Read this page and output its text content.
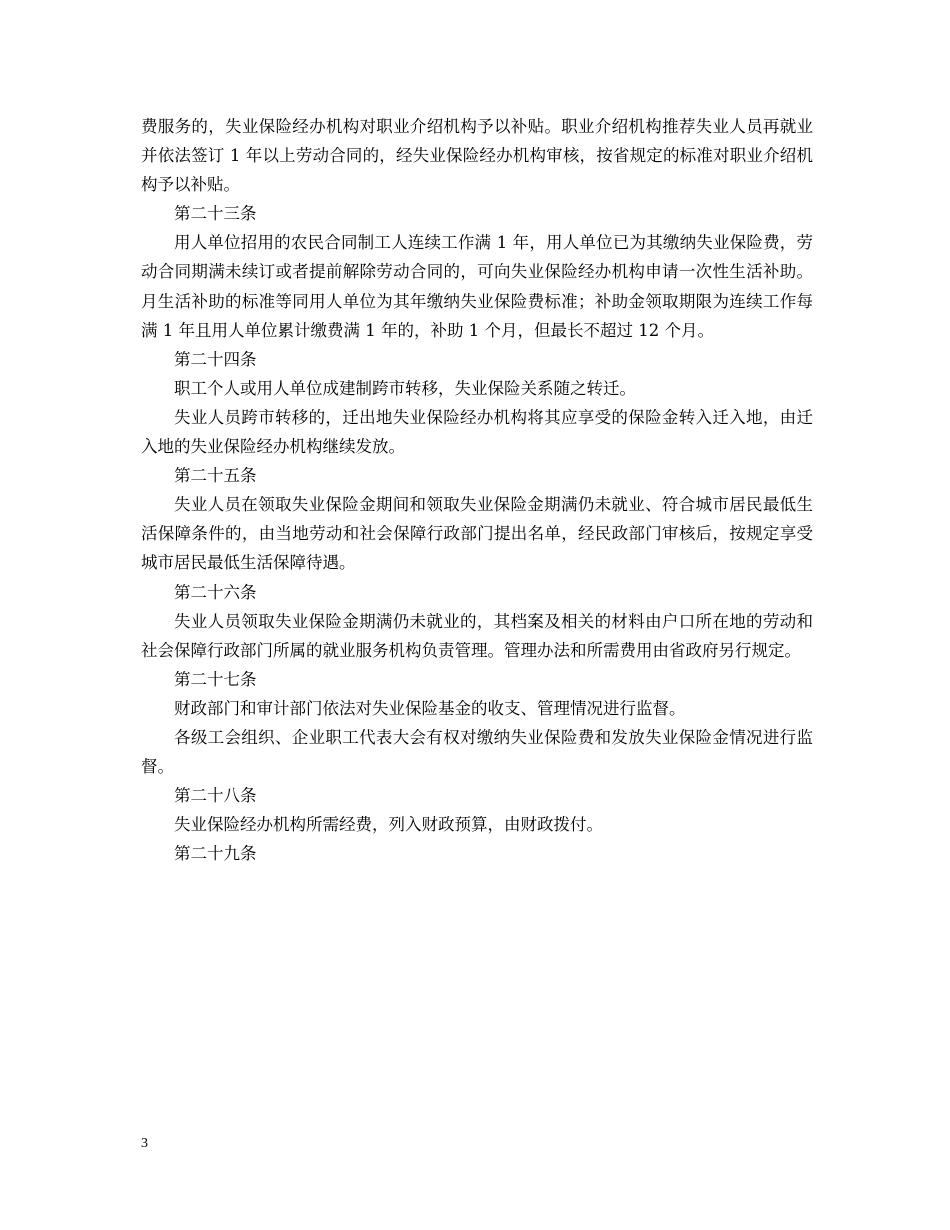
费服务的，失业保险经办机构对职业介绍机构予以补贴。职业介绍机构推荐失业人员再就业并依法签订 1 年以上劳动合同的，经失业保险经办机构审核，按省规定的标准对职业介绍机构予以补贴。

第二十三条

用人单位招用的农民合同制工人连续工作满 1 年，用人单位已为其缴纳失业保险费，劳动合同期满未续订或者提前解除劳动合同的，可向失业保险经办机构申请一次性生活补助。月生活补助的标准等同用人单位为其年缴纳失业保险费标准；补助金领取期限为连续工作每满 1 年且用人单位累计缴费满 1 年的，补助 1 个月，但最长不超过 12 个月。

第二十四条

职工个人或用人单位成建制跨市转移，失业保险关系随之转迁。

失业人员跨市转移的，迁出地失业保险经办机构将其应享受的保险金转入迁入地，由迁入地的失业保险经办机构继续发放。

第二十五条

失业人员在领取失业保险金期间和领取失业保险金期满仍未就业、符合城市居民最低生活保障条件的，由当地劳动和社会保障行政部门提出名单，经民政部门审核后，按规定享受城市居民最低生活保障待遇。

第二十六条

失业人员领取失业保险金期满仍未就业的，其档案及相关的材料由户口所在地的劳动和社会保障行政部门所属的就业服务机构负责管理。管理办法和所需费用由省政府另行规定。

第二十七条

财政部门和审计部门依法对失业保险基金的收支、管理情况进行监督。

各级工会组织、企业职工代表大会有权对缴纳失业保险费和发放失业保险金情况进行监督。

第二十八条

失业保险经办机构所需经费，列入财政预算，由财政拨付。

第二十九条

3
